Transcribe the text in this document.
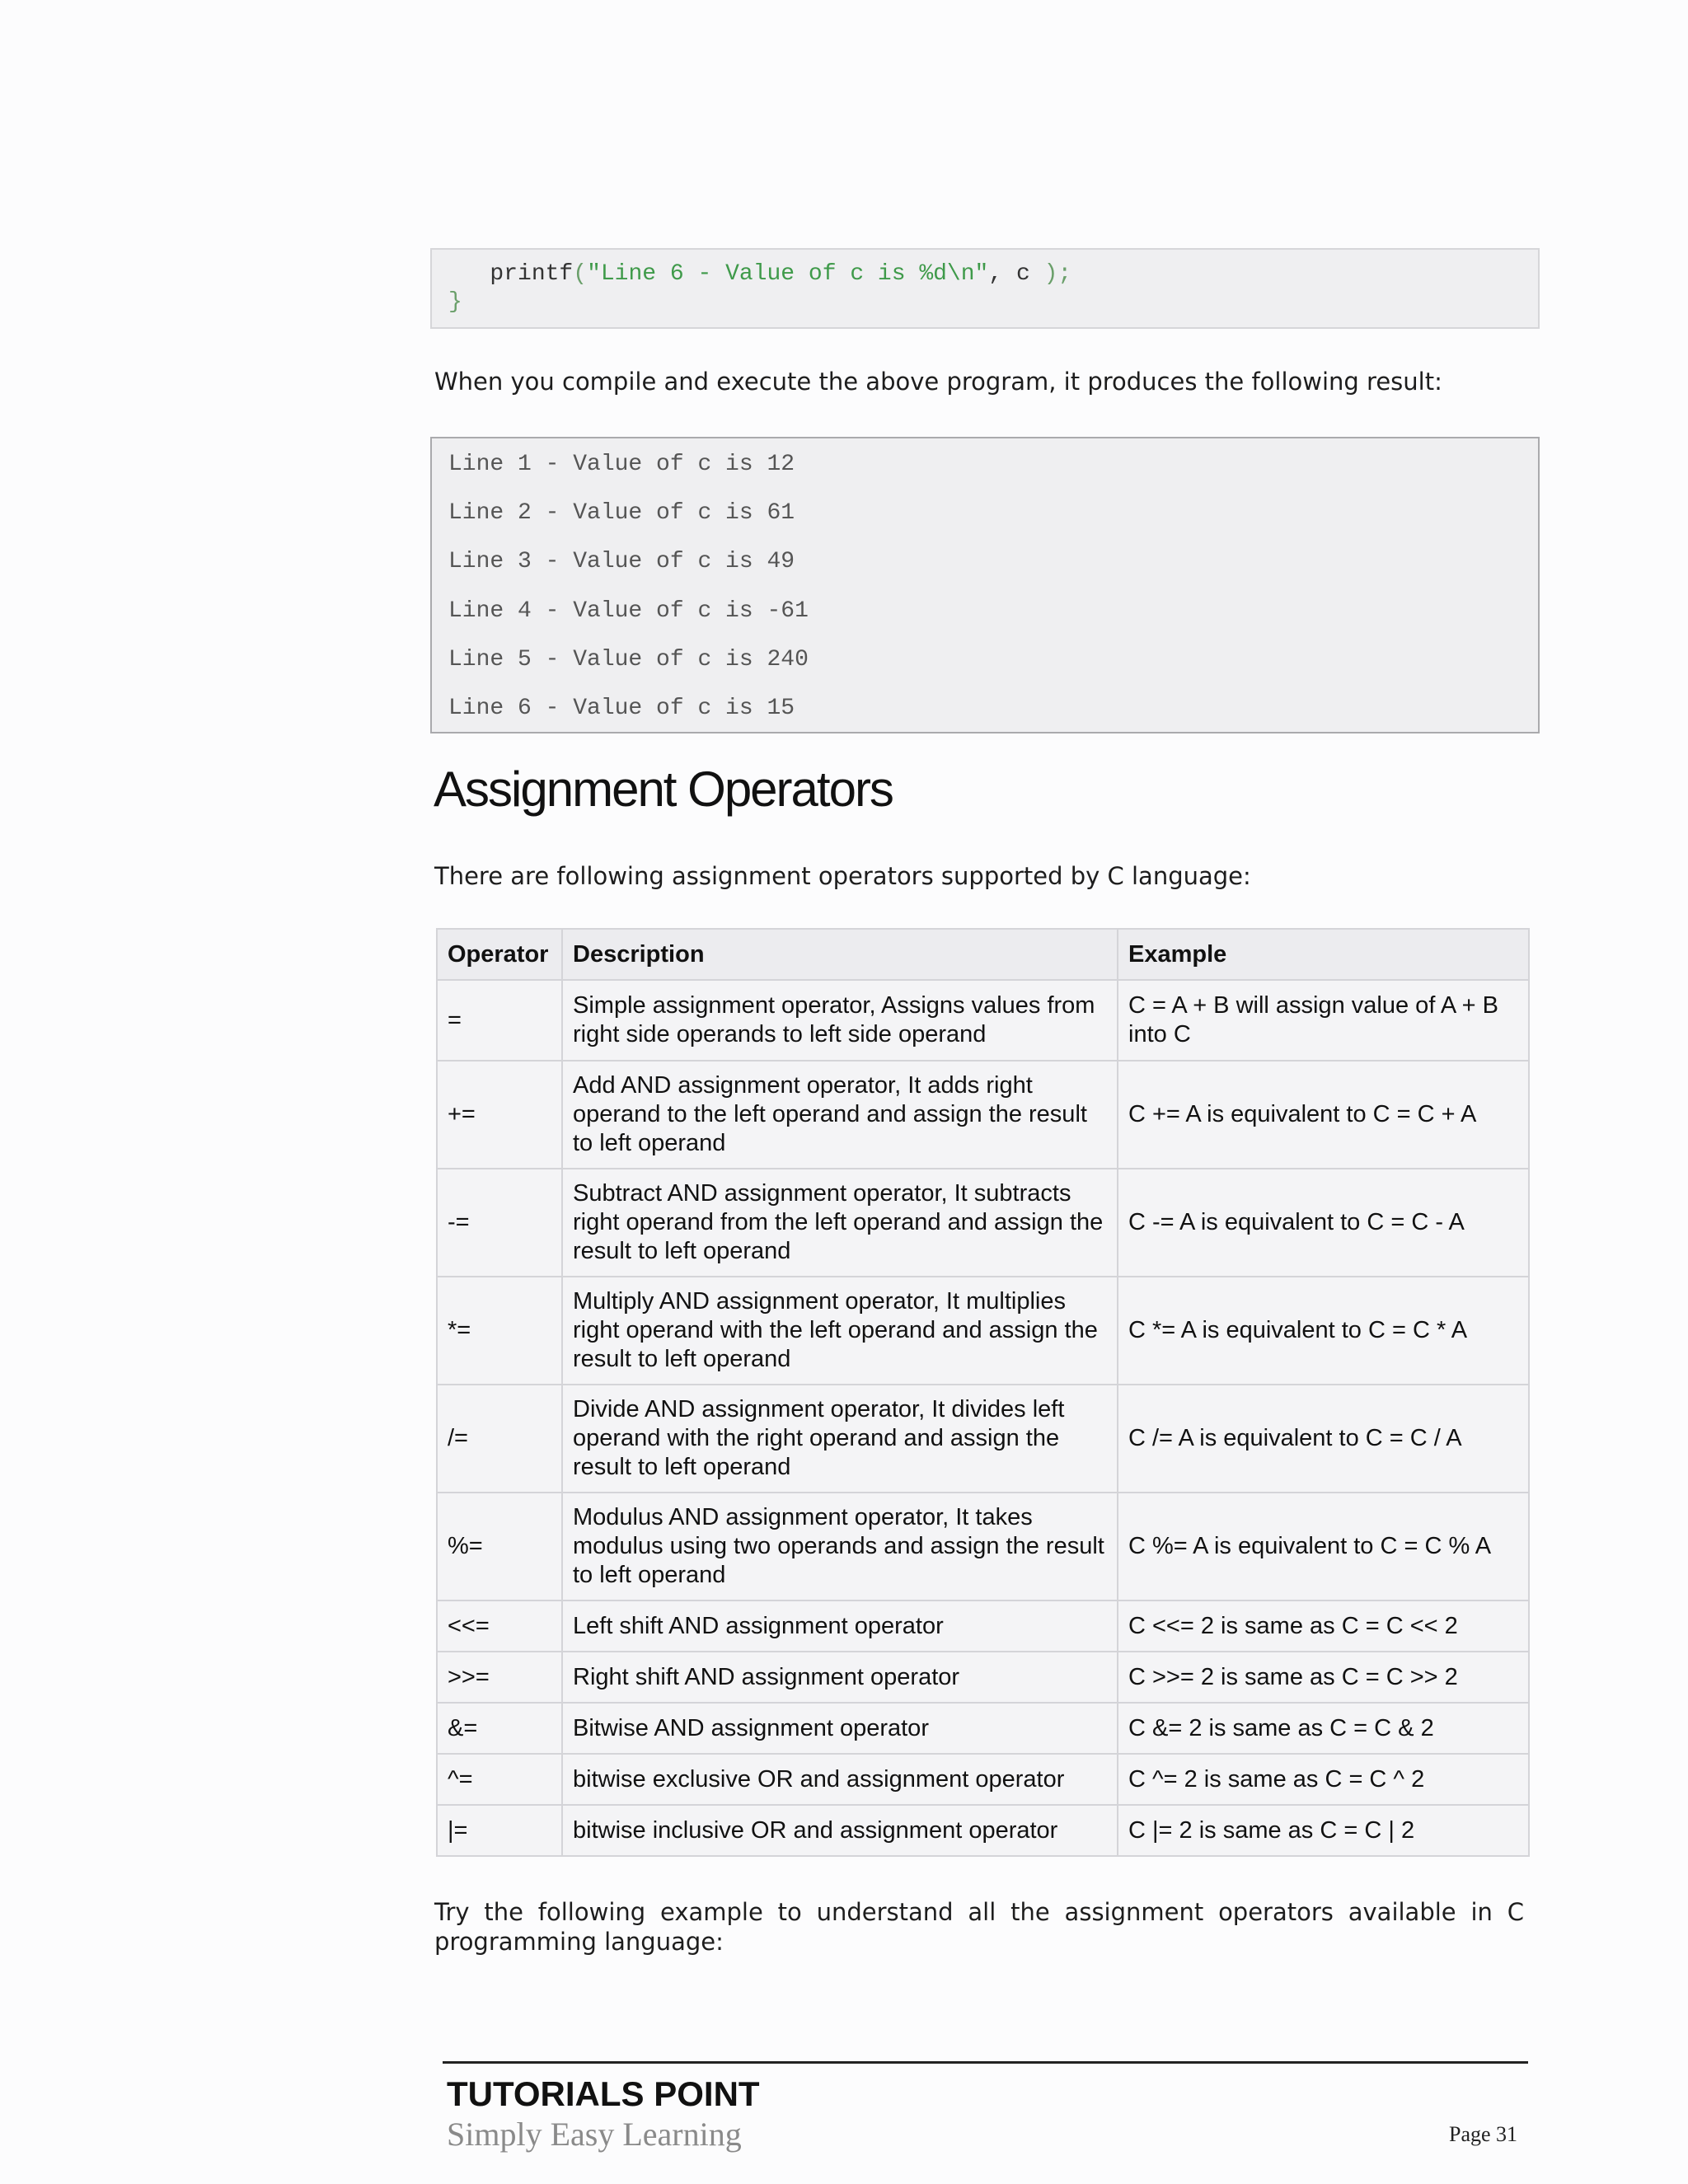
printf("Line 6 - Value of c is %d\n", c );
}
When you compile and execute the above program, it produces the following result:
Line 1 - Value of c is 12
Line 2 - Value of c is 61
Line 3 - Value of c is 49
Line 4 - Value of c is -61
Line 5 - Value of c is 240
Line 6 - Value of c is 15
Assignment Operators
There are following assignment operators supported by C language:
Operator	Description	Example
=	Simple assignment operator, Assigns values from right side operands to left side operand	C = A + B will assign value of A + B into C
+=	Add AND assignment operator, It adds right operand to the left operand and assign the result to left operand	C += A is equivalent to C = C + A
-=	Subtract AND assignment operator, It subtracts right operand from the left operand and assign the result to left operand	C -= A is equivalent to C = C - A
*=	Multiply AND assignment operator, It multiplies right operand with the left operand and assign the result to left operand	C *= A is equivalent to C = C * A
/=	Divide AND assignment operator, It divides left operand with the right operand and assign the result to left operand	C /= A is equivalent to C = C / A
%=	Modulus AND assignment operator, It takes modulus using two operands and assign the result to left operand	C %= A is equivalent to C = C % A
<<=	Left shift AND assignment operator	C <<= 2 is same as C = C << 2
>>=	Right shift AND assignment operator	C >>= 2 is same as C = C >> 2
&=	Bitwise AND assignment operator	C &= 2 is same as C = C & 2
^=	bitwise exclusive OR and assignment operator	C ^= 2 is same as C = C ^ 2
|=	bitwise inclusive OR and assignment operator	C |= 2 is same as C = C | 2
Try the following example to understand all the assignment operators available in C programming language:
TUTORIALS POINT
Simply Easy Learning	Page 31
